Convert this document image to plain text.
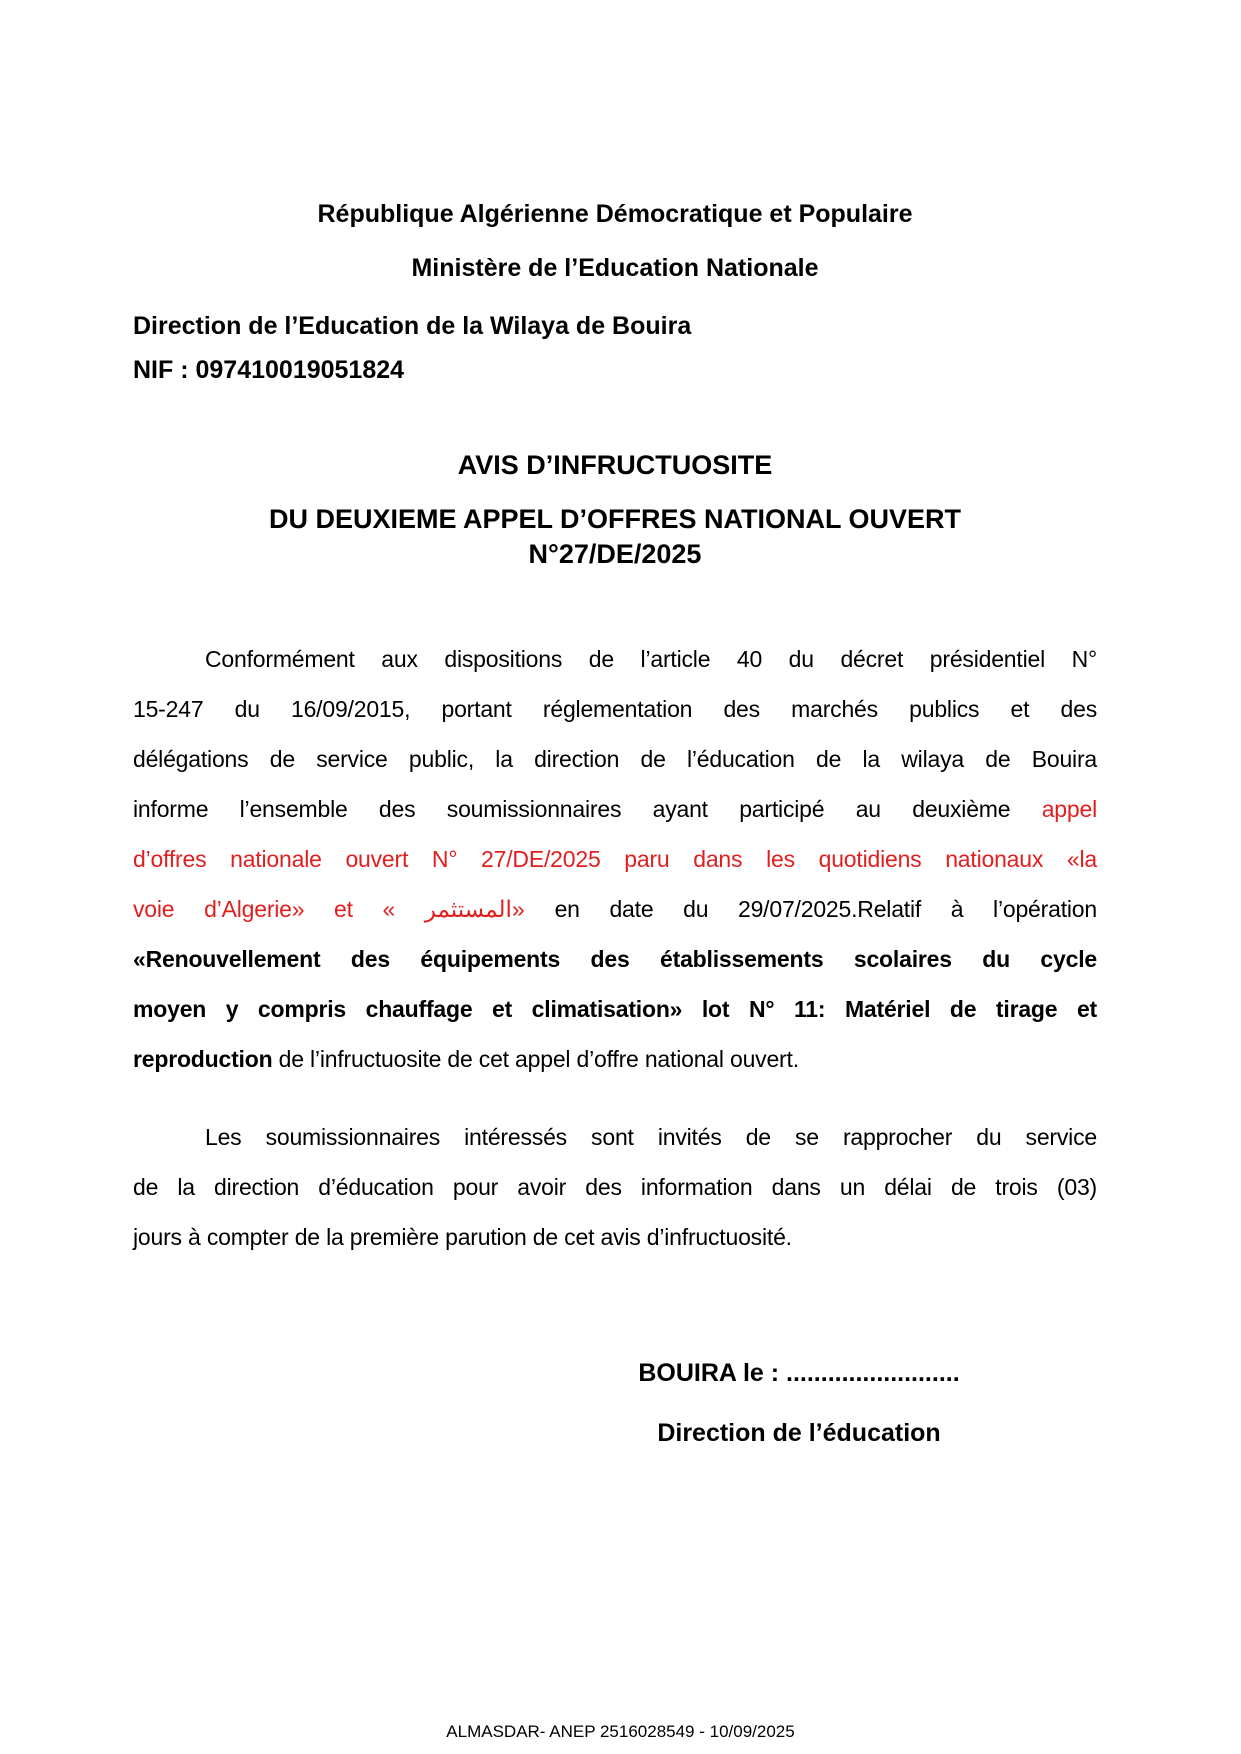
République Algérienne Démocratique et Populaire
Ministère de l’Education Nationale
Direction de l’Education de la Wilaya de Bouira
NIF : 097410019051824
AVIS D’INFRUCTUOSITE
DU DEUXIEME APPEL D’OFFRES NATIONAL OUVERT
N°27/DE/2025
Conformément aux dispositions de l’article 40 du décret présidentiel N°
15-247 du 16/09/2015, portant réglementation des marchés publics et des
délégations de service public, la direction de l’éducation de la wilaya de Bouira
informe l’ensemble des soumissionnaires ayant participé au deuxième appel
d’offres nationale ouvert N° 27/DE/2025 paru dans les quotidiens nationaux «la
voie d’Algerie» et « المستثمر» en date du 29/07/2025.Relatif à l’opération
«Renouvellement des équipements des établissements scolaires du cycle
moyen y compris chauffage et climatisation» lot N° 11: Matériel de tirage et
reproduction de l’infructuosite de cet appel d’offre national ouvert.
Les soumissionnaires intéressés sont invités de se rapprocher du service
de la direction d’éducation pour avoir des information dans un délai de trois (03)
jours à compter de la première parution de cet avis d’infructuosité.
BOUIRA le : .........................
Direction de l’éducation
ALMASDAR- ANEP 2516028549 - 10/09/2025
